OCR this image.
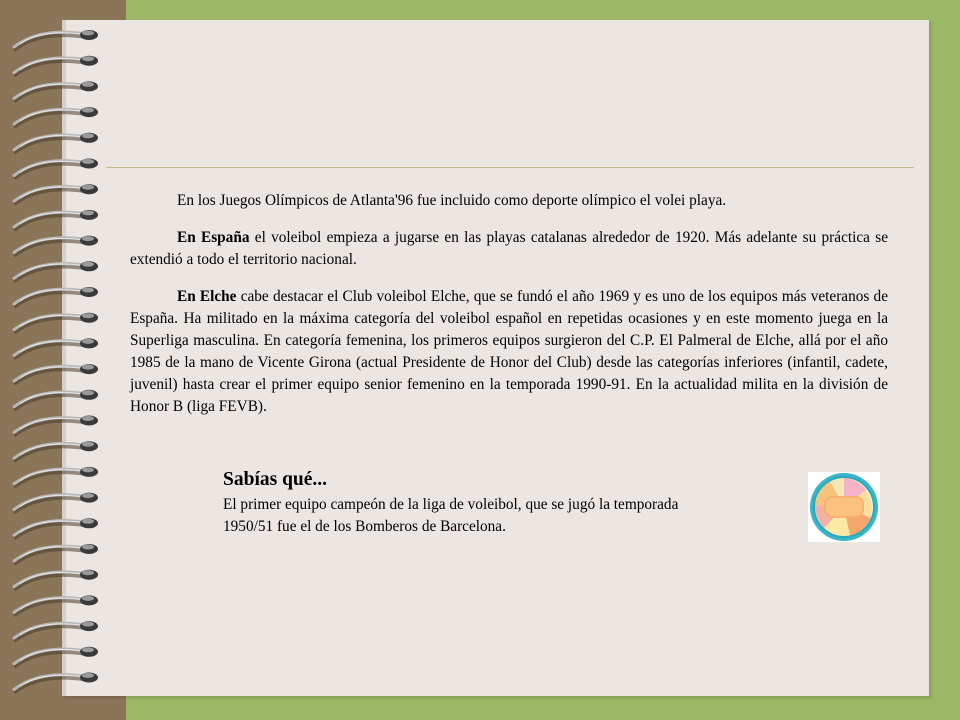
En los Juegos Olímpicos de Atlanta'96 fue incluido como deporte olímpico el volei playa.

En España el voleibol empieza a jugarse en las playas catalanas alrededor de 1920. Más adelante su práctica se extendió a todo el territorio nacional.

En Elche cabe destacar el Club voleibol Elche, que se fundó el año 1969 y es uno de los equipos más veteranos de España. Ha militado en la máxima categoría del voleibol español en repetidas ocasiones y en este momento juega en la Superliga masculina. En categoría femenina, los primeros equipos surgieron del C.P. El Palmeral de Elche, allá por el año 1985 de la mano de Vicente Girona (actual Presidente de Honor del Club) desde las categorías inferiores (infantil, cadete, juvenil) hasta crear el primer equipo senior femenino en la temporada 1990-91. En la actualidad milita en la división de Honor B (liga FEVB).

Sabías qué...

El primer equipo campeón de la liga de voleibol, que se jugó la temporada 1950/51 fue el de los Bomberos de Barcelona.
